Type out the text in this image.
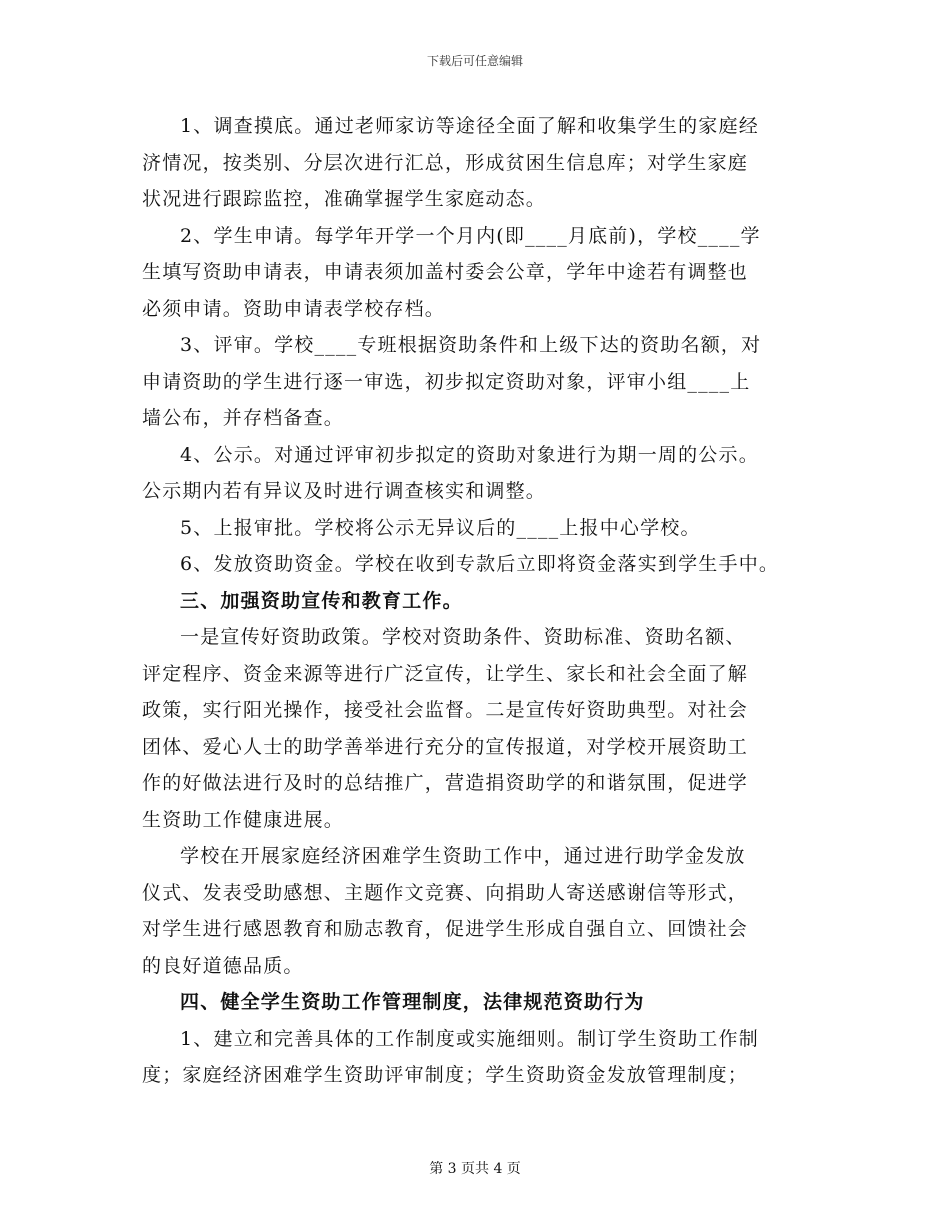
下载后可任意编辑

1、调查摸底。通过老师家访等途径全面了解和收集学生的家庭经
济情况，按类别、分层次进行汇总，形成贫困生信息库；对学生家庭
状况进行跟踪监控，准确掌握学生家庭动态。

2、学生申请。每学年开学一个月内(即____月底前)，学校____学
生填写资助申请表，申请表须加盖村委会公章，学年中途若有调整也
必须申请。资助申请表学校存档。

3、评审。学校____专班根据资助条件和上级下达的资助名额，对
申请资助的学生进行逐一审选，初步拟定资助对象，评审小组____上
墙公布，并存档备查。

4、公示。对通过评审初步拟定的资助对象进行为期一周的公示。
公示期内若有异议及时进行调查核实和调整。

5、上报审批。学校将公示无异议后的____上报中心学校。

6、发放资助资金。学校在收到专款后立即将资金落实到学生手中。

三、加强资助宣传和教育工作。

一是宣传好资助政策。学校对资助条件、资助标准、资助名额、
评定程序、资金来源等进行广泛宣传，让学生、家长和社会全面了解
政策，实行阳光操作，接受社会监督。二是宣传好资助典型。对社会
团体、爱心人士的助学善举进行充分的宣传报道，对学校开展资助工
作的好做法进行及时的总结推广，营造捐资助学的和谐氛围，促进学
生资助工作健康进展。

学校在开展家庭经济困难学生资助工作中，通过进行助学金发放
仪式、发表受助感想、主题作文竞赛、向捐助人寄送感谢信等形式，
对学生进行感恩教育和励志教育，促进学生形成自强自立、回馈社会
的良好道德品质。

四、健全学生资助工作管理制度，法律规范资助行为

1、建立和完善具体的工作制度或实施细则。制订学生资助工作制
度；家庭经济困难学生资助评审制度；学生资助资金发放管理制度；

第 3 页共 4 页
